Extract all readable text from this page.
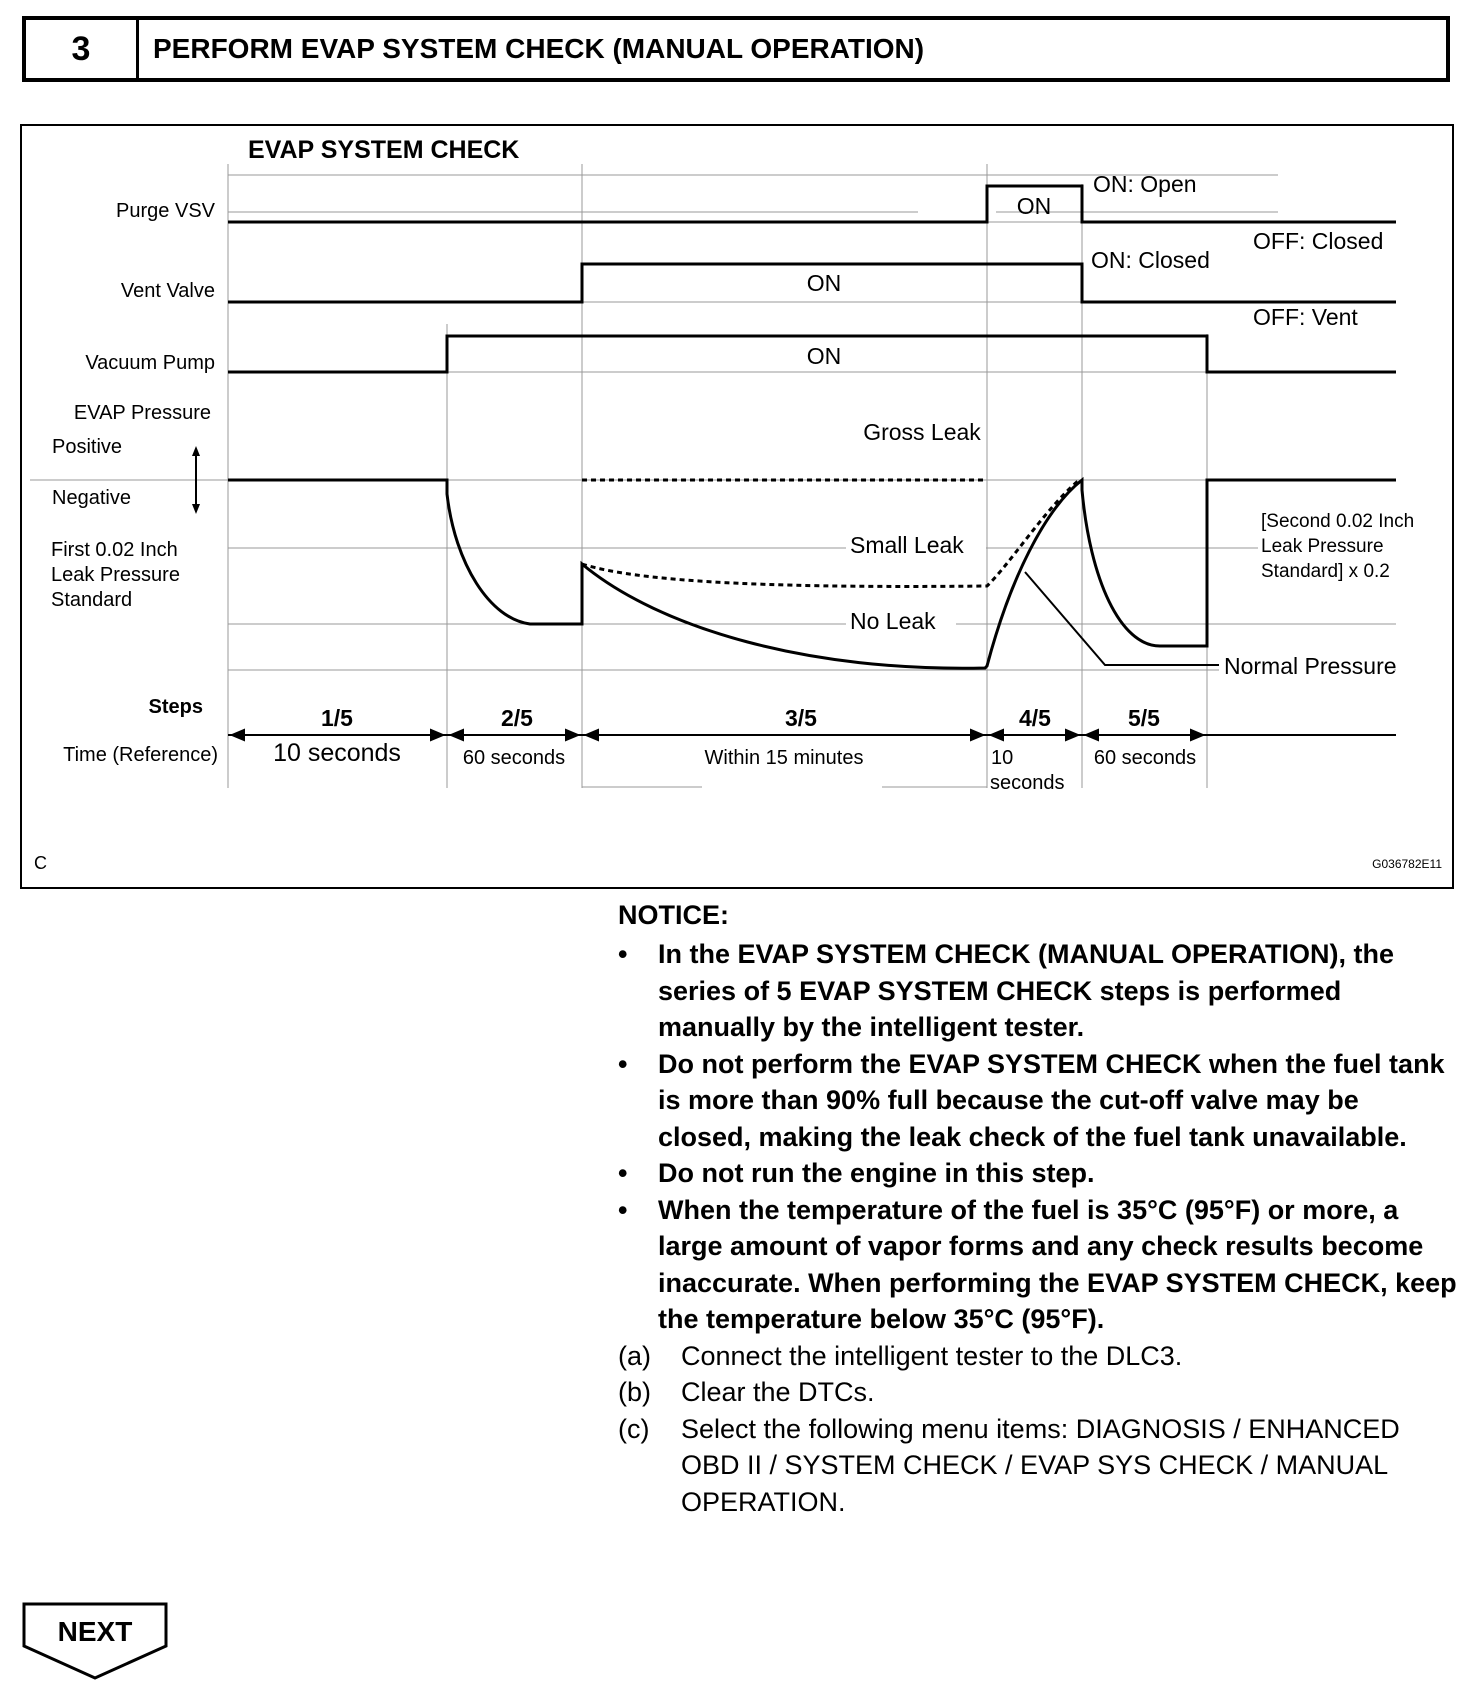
3	PERFORM EVAP SYSTEM CHECK (MANUAL OPERATION)
EVAP SYSTEM CHECK
Purge VSV
Vent Valve
Vacuum Pump
EVAP Pressure
Positive
Negative
First 0.02 Inch
Leak Pressure
Standard
Steps
Time (Reference)
ON
ON: Open
OFF: Closed
ON
ON: Closed
OFF: Vent
ON
Gross Leak
Small Leak
No Leak
Normal Pressure
[Second 0.02 Inch
Leak Pressure
Standard] x 0.2
1/5	2/5	3/5	4/5	5/5
10 seconds	60 seconds	Within 15 minutes	10
seconds
60 seconds
C	G036782E11
NOTICE:
•	In the EVAP SYSTEM CHECK (MANUAL OPERATION), the series of 5 EVAP SYSTEM CHECK steps is performed manually by the intelligent tester.
•	Do not perform the EVAP SYSTEM CHECK when the fuel tank is more than 90% full because the cut-off valve may be closed, making the leak check of the fuel tank unavailable.
•	Do not run the engine in this step.
•	When the temperature of the fuel is 35°C (95°F) or more, a large amount of vapor forms and any check results become inaccurate. When performing the EVAP SYSTEM CHECK, keep the temperature below 35°C (95°F).
(a) Connect the intelligent tester to the DLC3.
(b) Clear the DTCs.
(c) Select the following menu items: DIAGNOSIS / ENHANCED OBD II / SYSTEM CHECK / EVAP SYS CHECK / MANUAL OPERATION.
NEXT
